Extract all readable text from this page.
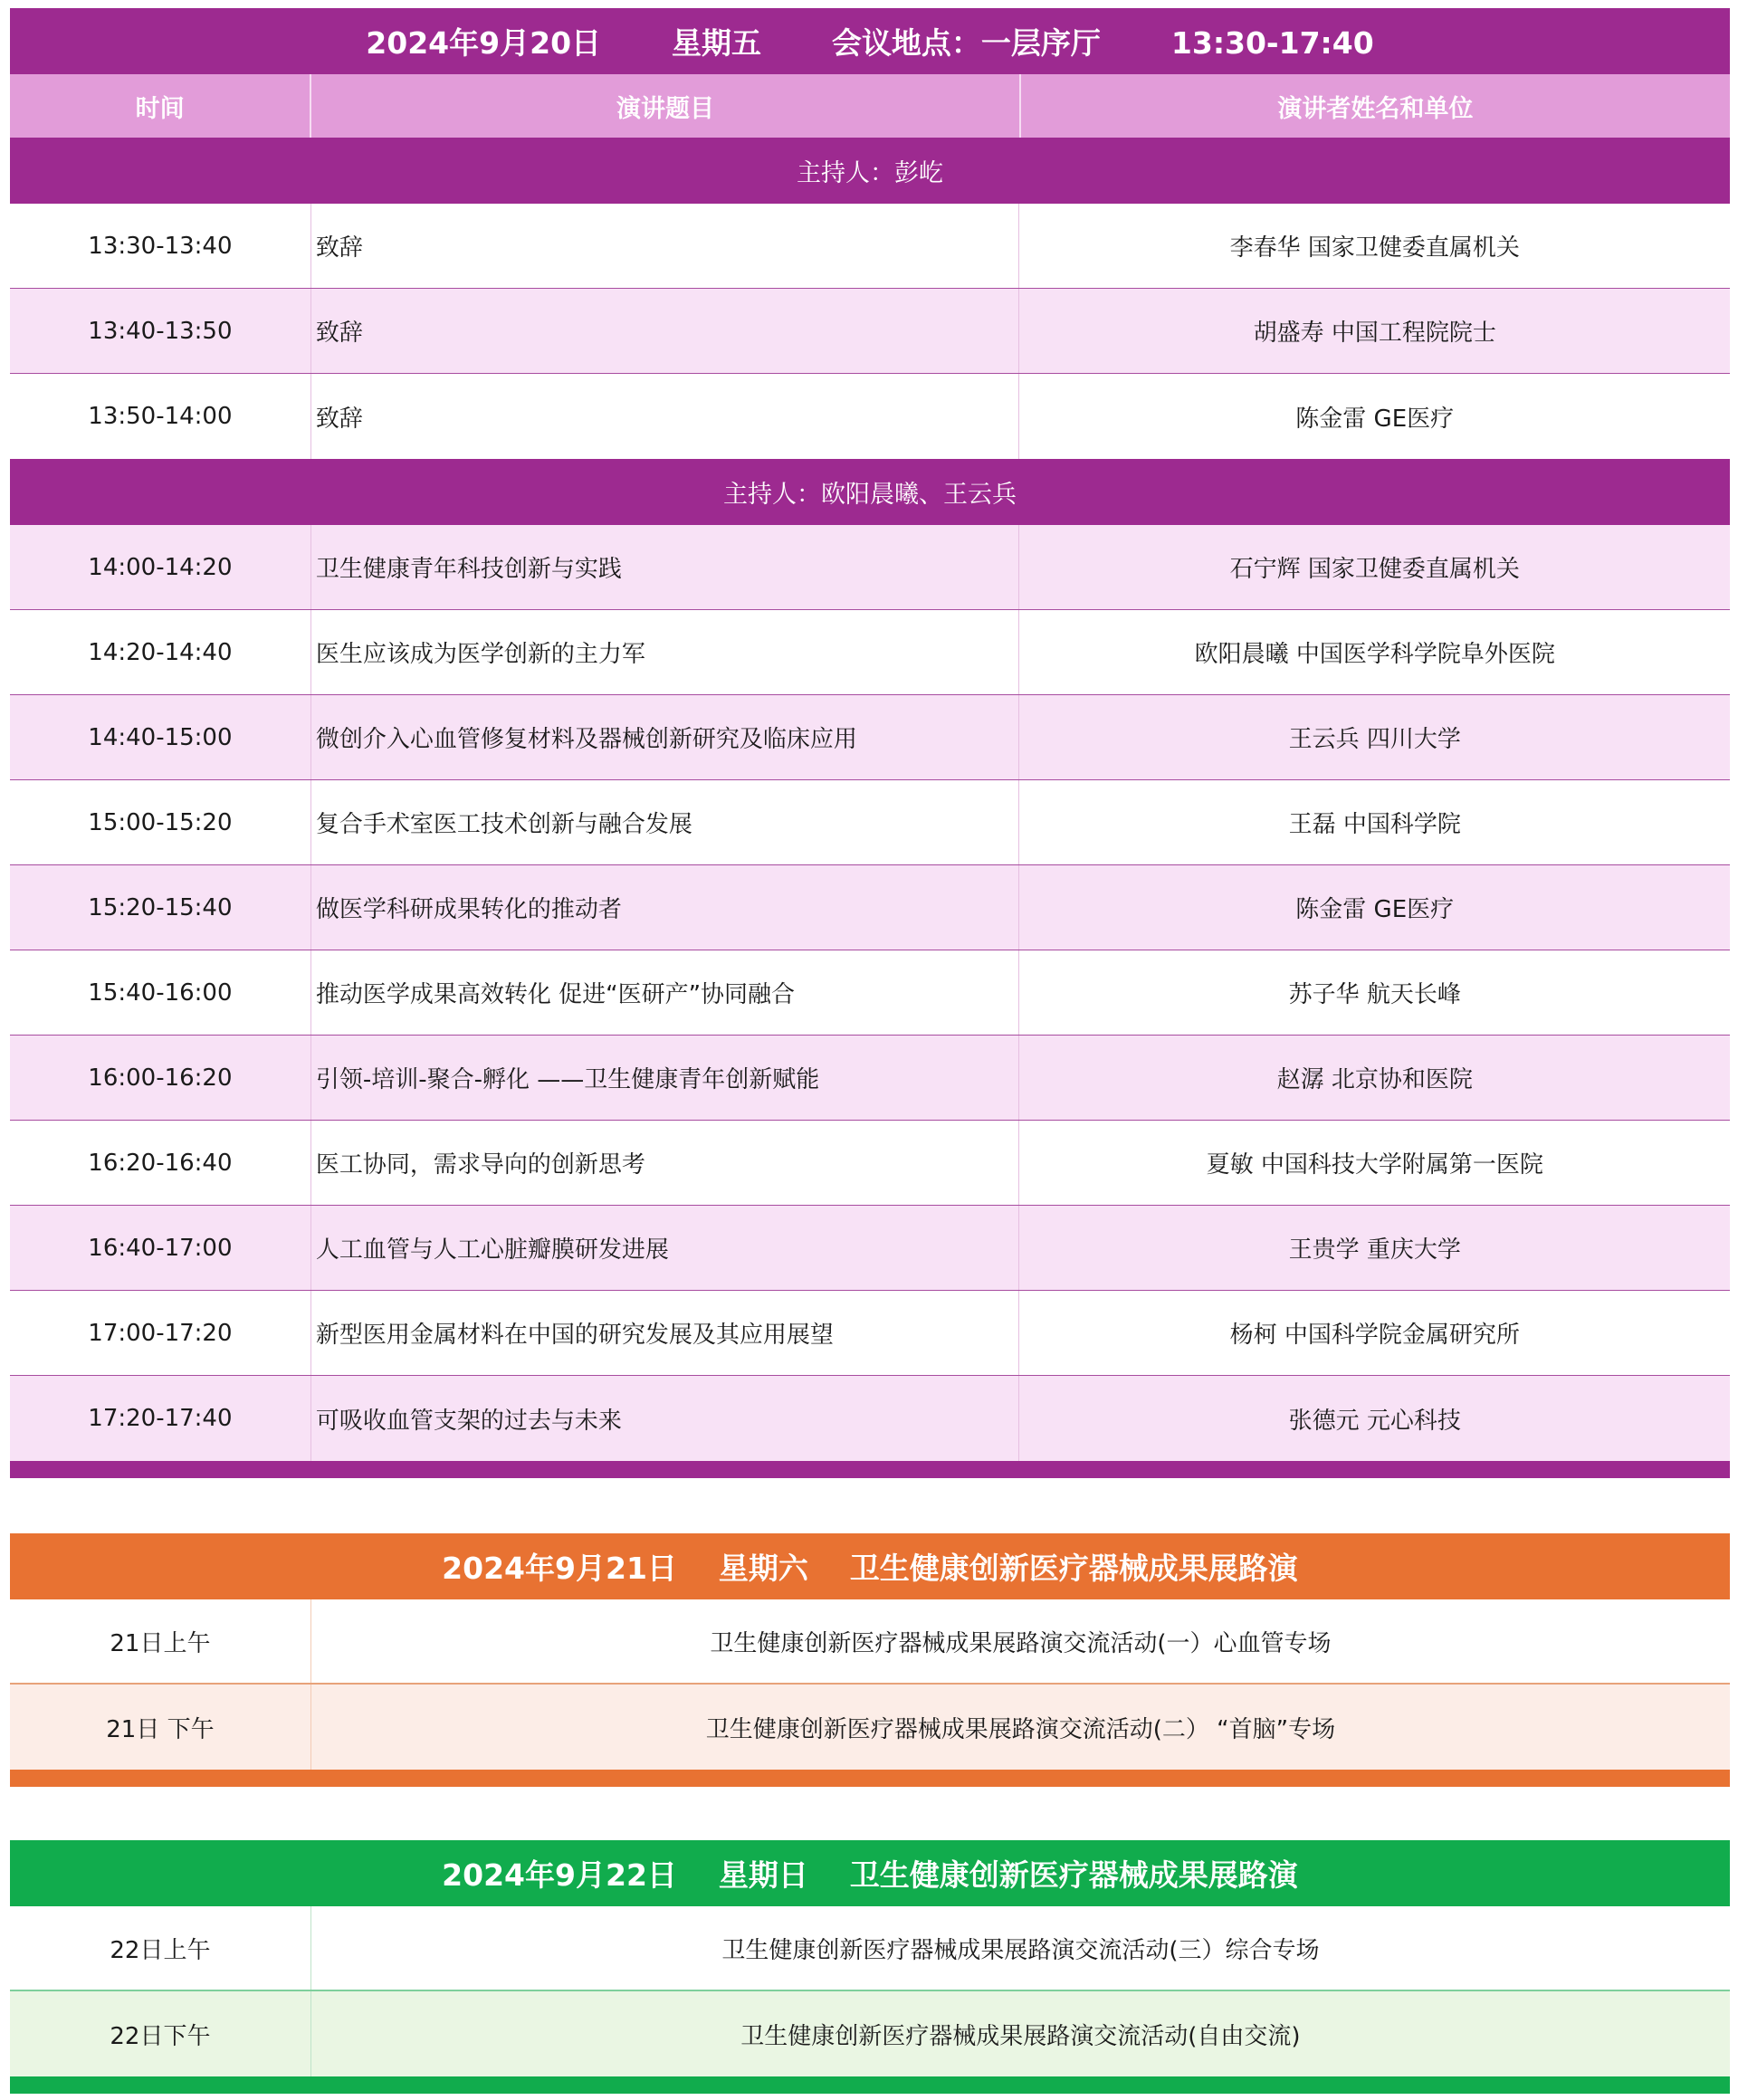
2024年9月20日    星期五    会议地点：一层序厅    13:30-17:40
时间	演讲题目	演讲者姓名和单位
主持人：彭屹
13:30-13:40	致辞	李春华 国家卫健委直属机关
13:40-13:50	致辞	胡盛寿 中国工程院院士
13:50-14:00	致辞	陈金雷 GE医疗
主持人：欧阳晨曦、王云兵
14:00-14:20	卫生健康青年科技创新与实践	石宁辉 国家卫健委直属机关
14:20-14:40	医生应该成为医学创新的主力军	欧阳晨曦 中国医学科学院阜外医院
14:40-15:00	微创介入心血管修复材料及器械创新研究及临床应用	王云兵 四川大学
15:00-15:20	复合手术室医工技术创新与融合发展	王磊 中国科学院
15:20-15:40	做医学科研成果转化的推动者	陈金雷 GE医疗
15:40-16:00	推动医学成果高效转化 促进“医研产”协同融合	苏子华 航天长峰
16:00-16:20	引领-培训-聚合-孵化 ——卫生健康青年创新赋能	赵潺 北京协和医院
16:20-16:40	医工协同，需求导向的创新思考	夏敏 中国科技大学附属第一医院
16:40-17:00	人工血管与人工心脏瓣膜研发进展	王贵学 重庆大学
17:00-17:20	新型医用金属材料在中国的研究发展及其应用展望	杨柯 中国科学院金属研究所
17:20-17:40	可吸收血管支架的过去与未来	张德元 元心科技
2024年9月21日    星期六    卫生健康创新医疗器械成果展路演
21日上午	卫生健康创新医疗器械成果展路演交流活动(一）心血管专场
21日 下午	卫生健康创新医疗器械成果展路演交流活动(二） “首脑”专场
2024年9月22日    星期日    卫生健康创新医疗器械成果展路演
22日上午	卫生健康创新医疗器械成果展路演交流活动(三）综合专场
22日下午	卫生健康创新医疗器械成果展路演交流活动(自由交流)
